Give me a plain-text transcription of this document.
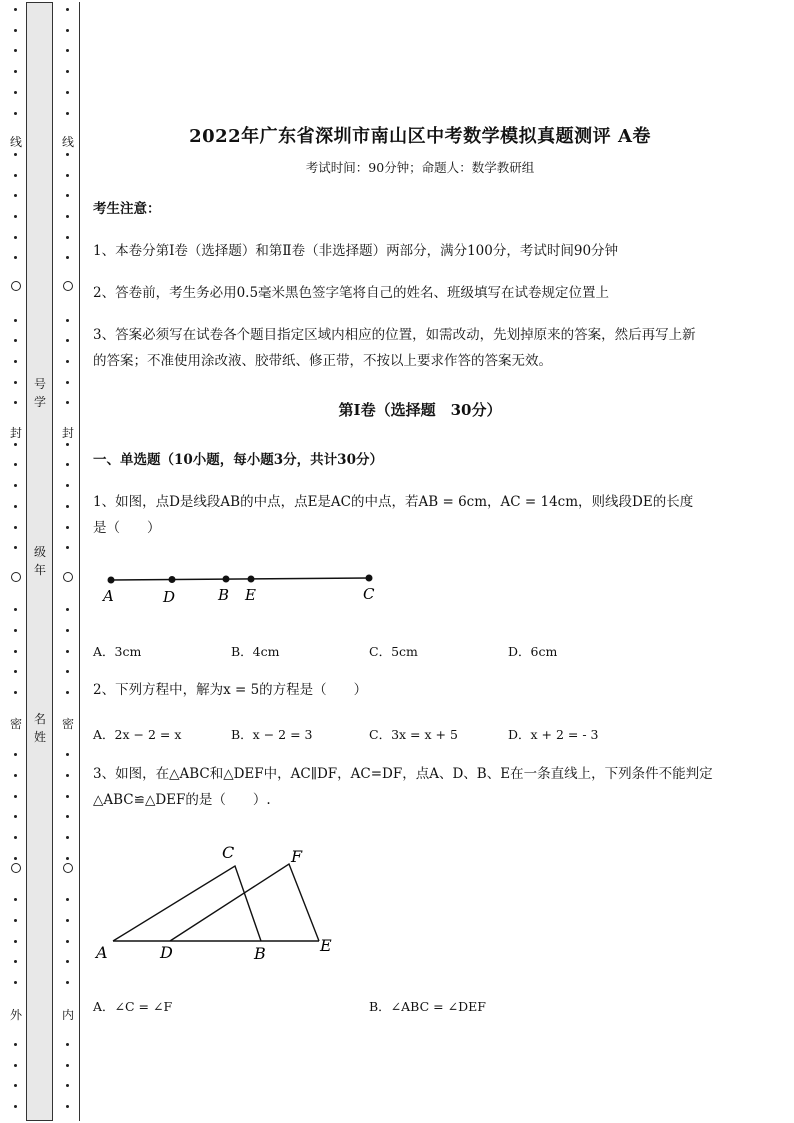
线
封
密
外
线
封
密
内
号学
级年
名姓
2022年广东省深圳市南山区中考数学模拟真题测评 A卷
考试时间：90分钟；命题人：数学教研组
考生注意：
1、本卷分第I卷（选择题）和第Ⅱ卷（非选择题）两部分，满分100分，考试时间90分钟
2、答卷前，考生务必用0.5毫米黑色签字笔将自己的姓名、班级填写在试卷规定位置上
3、答案必须写在试卷各个题目指定区域内相应的位置，如需改动，先划掉原来的答案，然后再写上新
的答案；不准使用涂改液、胶带纸、修正带，不按以上要求作答的答案无效。
第I卷（选择题　30分）
一、单选题（10小题，每小题3分，共计30分）
1、如图，点D是线段AB的中点，点E是AC的中点，若AB = 6cm，AC = 14cm，则线段DE的长度
是（　　）
A	D	B E	C
A．3cm	B．4cm	C．5cm	D．6cm
2、下列方程中，解为x = 5的方程是（　　）
A．2x − 2 = x	B．x − 2 = 3	C．3x = x + 5	D．x + 2 = - 3
3、如图，在△ABC和△DEF中，AC∥DF，AC=DF，点A、D、B、E在一条直线上，下列条件不能判定
△ABC≌△DEF的是（　　）.
C	F
A	D	B	E
A．∠C = ∠F	B．∠ABC = ∠DEF
